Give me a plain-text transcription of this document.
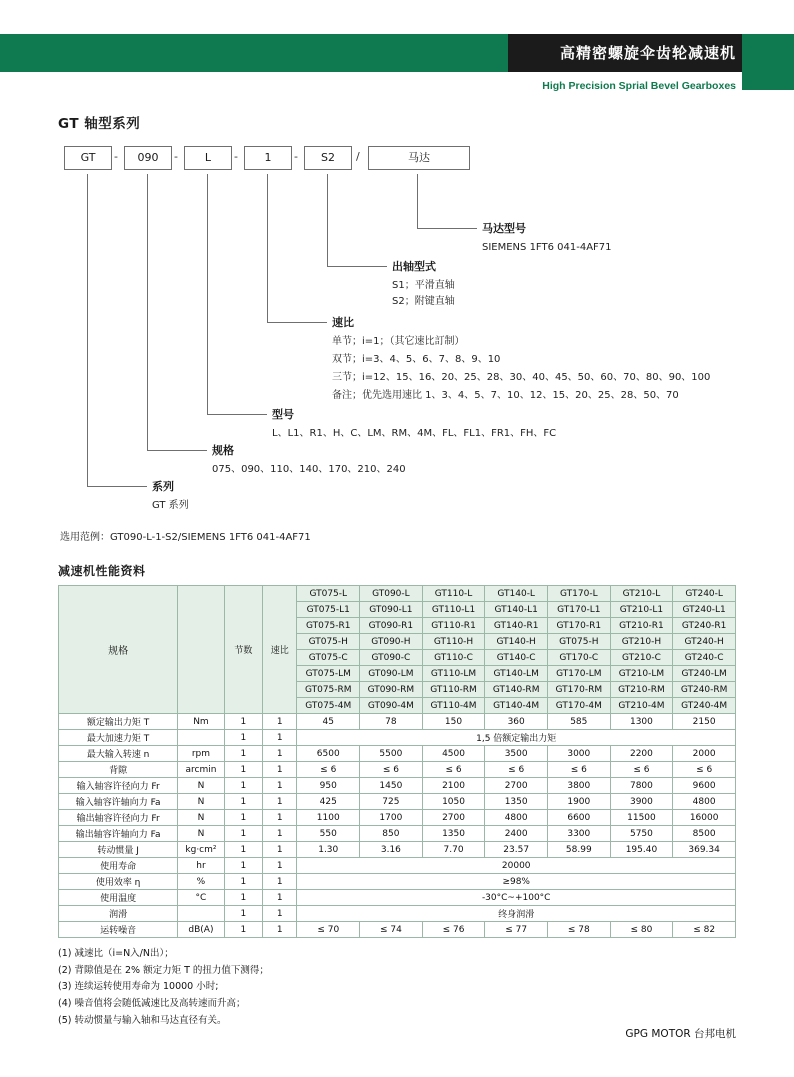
高精密螺旋伞齿轮减速机
High Precision Sprial Bevel Gearboxes
GT 轴型系列
GT	-	090	-	L	-	1	-	S2	/	马达
马达型号
SIEMENS 1FT6 041-4AF71
出轴型式
S1；平滑直轴
S2；附键直轴
速比
单节；i=1；（其它速比訂制）
双节；i=3、4、5、6、7、8、9、10
三节；i=12、15、16、20、25、28、30、40、45、50、60、70、80、90、100
备注；优先选用速比 1、3、4、5、7、10、12、15、20、25、28、50、70
型号
L、L1、R1、H、C、LM、RM、4M、FL、FL1、FR1、FH、FC
规格
075、090、110、140、170、210、240
系列
GT 系列
选用范例：GT090-L-1-S2/SIEMENS 1FT6 041-4AF71
减速机性能资料
规格		节数	速比	GT075-L	GT090-L	GT110-L	GT140-L	GT170-L	GT210-L	GT240-L
				GT075-L1	GT090-L1	GT110-L1	GT140-L1	GT170-L1	GT210-L1	GT240-L1
				GT075-R1	GT090-R1	GT110-R1	GT140-R1	GT170-R1	GT210-R1	GT240-R1
				GT075-H	GT090-H	GT110-H	GT140-H	GT075-H	GT210-H	GT240-H
				GT075-C	GT090-C	GT110-C	GT140-C	GT170-C	GT210-C	GT240-C
				GT075-LM	GT090-LM	GT110-LM	GT140-LM	GT170-LM	GT210-LM	GT240-LM
				GT075-RM	GT090-RM	GT110-RM	GT140-RM	GT170-RM	GT210-RM	GT240-RM
				GT075-4M	GT090-4M	GT110-4M	GT140-4M	GT170-4M	GT210-4M	GT240-4M
额定输出力矩 T	Nm	1	1	45	78	150	360	585	1300	2150
最大加速力矩 T		1	1	1,5 倍额定输出力矩						
最大输入转速 n	rpm	1	1	6500	5500	4500	3500	3000	2200	2000
背隙	arcmin	1	1	≤ 6	≤ 6	≤ 6	≤ 6	≤ 6	≤ 6	≤ 6
输入轴容许径向力 Fr	N	1	1	950	1450	2100	2700	3800	7800	9600
输入轴容许轴向力 Fa	N	1	1	425	725	1050	1350	1900	3900	4800
输出轴容许径向力 Fr	N	1	1	1100	1700	2700	4800	6600	11500	16000
输出轴容许轴向力 Fa	N	1	1	550	850	1350	2400	3300	5750	8500
转动惯量 J	kg·cm²	1	1	1.30	3.16	7.70	23.57	58.99	195.40	369.34
使用寿命	hr	1	1	20000						
使用效率 η	%	1	1	≥98%						
使用温度	°C	1	1	-30°C~+100°C						
润滑		1	1	终身润滑						
运转噪音	dB(A)	1	1	≤ 70	≤ 74	≤ 76	≤ 77	≤ 78	≤ 80	≤ 82
(1) 减速比（i=N入/N出）；
(2) 背隙值是在 2% 额定力矩 T 的扭力值下测得；
(3) 连续运转使用寿命为 10000 小时;
(4) 噪音值将会随低减速比及高转速而升高；
(5) 转动惯量与输入轴和马达直径有关。
GPG MOTOR 台邦电机
